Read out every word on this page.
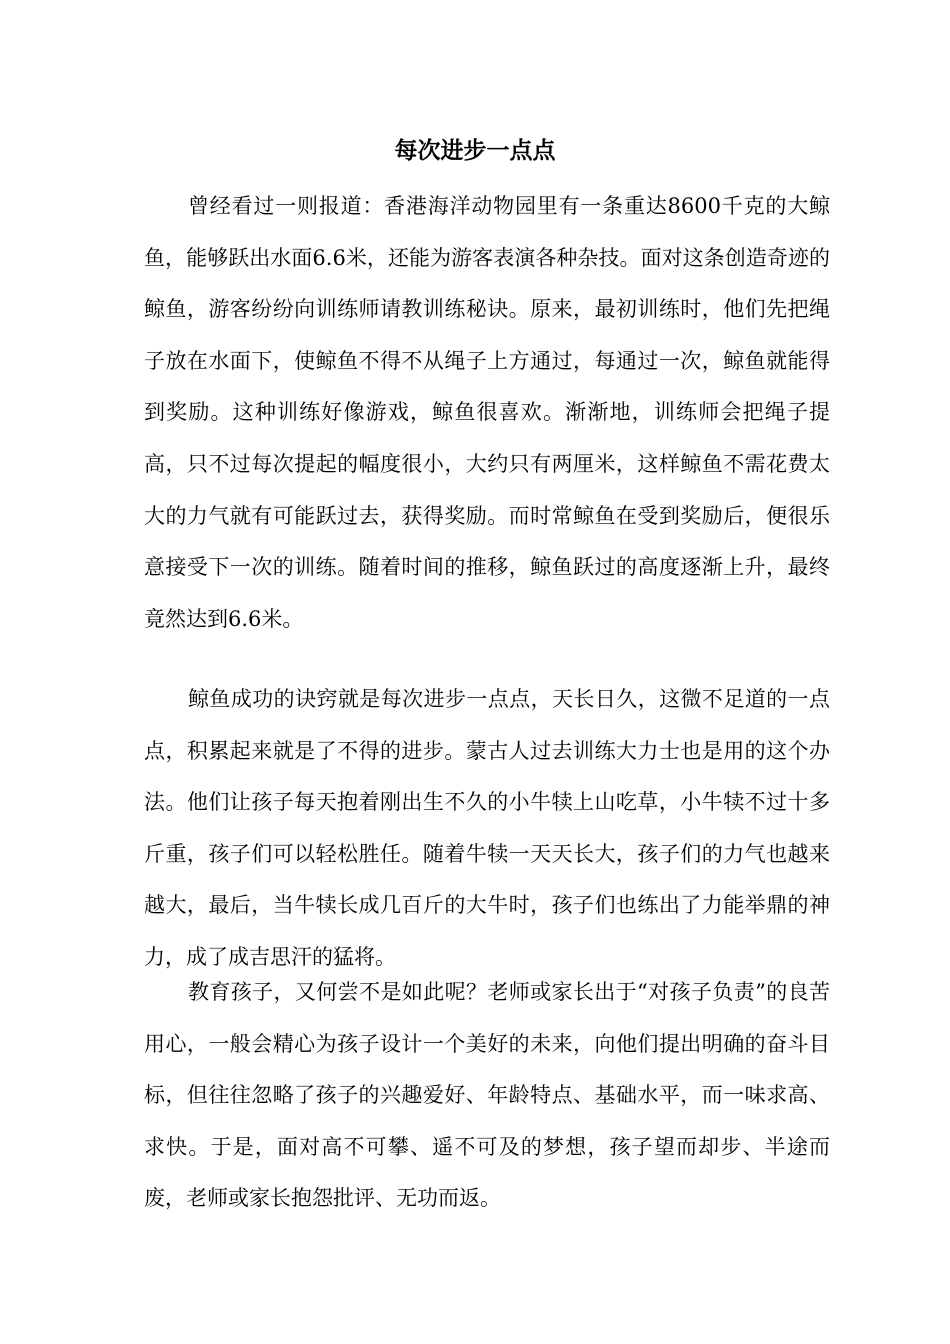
每次进步一点点

曾经看过一则报道：香港海洋动物园里有一条重达8600千克的大鲸鱼，能够跃出水面6.6米，还能为游客表演各种杂技。面对这条创造奇迹的鲸鱼，游客纷纷向训练师请教训练秘诀。原来，最初训练时，他们先把绳子放在水面下，使鲸鱼不得不从绳子上方通过，每通过一次，鲸鱼就能得到奖励。这种训练好像游戏，鲸鱼很喜欢。渐渐地，训练师会把绳子提高，只不过每次提起的幅度很小，大约只有两厘米，这样鲸鱼不需花费太大的力气就有可能跃过去，获得奖励。而时常鲸鱼在受到奖励后，便很乐意接受下一次的训练。随着时间的推移，鲸鱼跃过的高度逐渐上升，最终竟然达到6.6米。

鲸鱼成功的诀窍就是每次进步一点点，天长日久，这微不足道的一点点，积累起来就是了不得的进步。蒙古人过去训练大力士也是用的这个办法。他们让孩子每天抱着刚出生不久的小牛犊上山吃草，小牛犊不过十多斤重，孩子们可以轻松胜任。随着牛犊一天天长大，孩子们的力气也越来越大，最后，当牛犊长成几百斤的大牛时，孩子们也练出了力能举鼎的神力，成了成吉思汗的猛将。

教育孩子，又何尝不是如此呢？老师或家长出于“对孩子负责”的良苦用心，一般会精心为孩子设计一个美好的未来，向他们提出明确的奋斗目标，但往往忽略了孩子的兴趣爱好、年龄特点、基础水平，而一味求高、求快。于是，面对高不可攀、遥不可及的梦想，孩子望而却步、半途而废，老师或家长抱怨批评、无功而返。
